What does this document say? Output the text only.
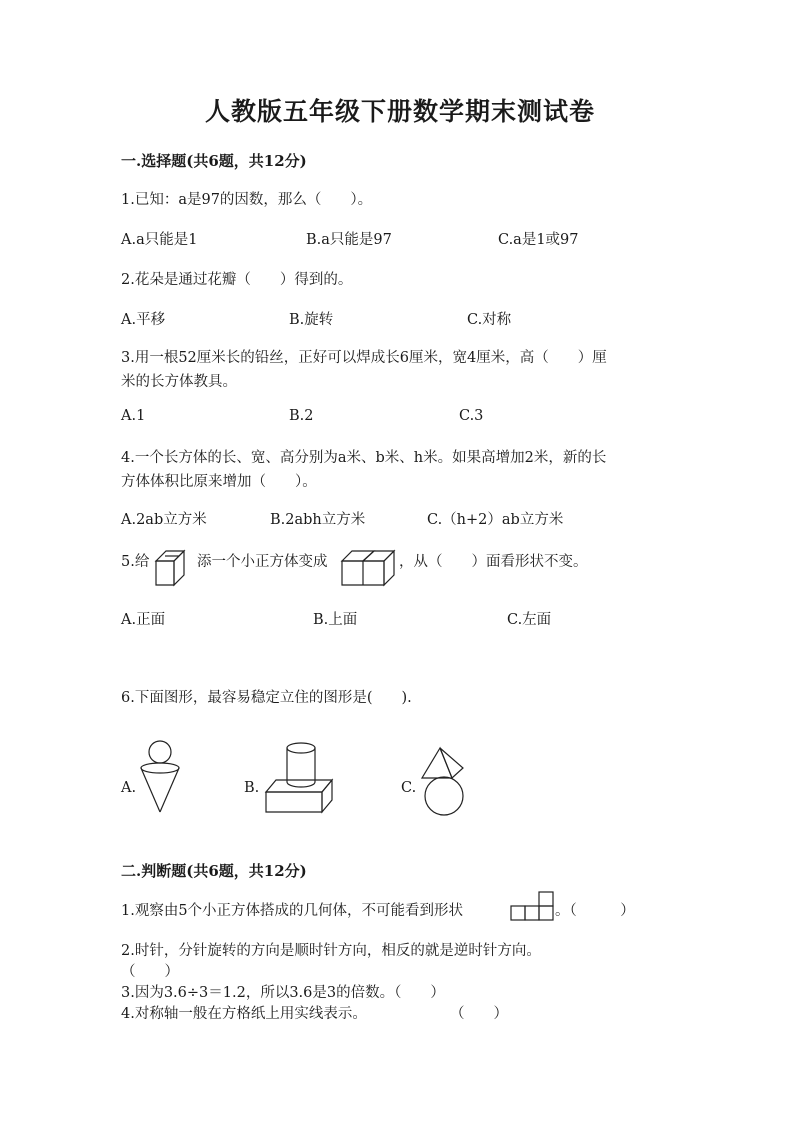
人教版五年级下册数学期末测试卷
一.选择题(共6题，共12分)
1.已知：a是97的因数，那么（　　）。
A.a只能是1	B.a只能是97	C.a是1或97
2.花朵是通过花瓣（　　）得到的。
A.平移	B.旋转	C.对称
3.用一根52厘米长的铅丝，正好可以焊成长6厘米，宽4厘米，高（　　）厘
米的长方体教具。
A.1	B.2	C.3
4.一个长方体的长、宽、高分别为a米、b米、h米。如果高增加2米，新的长
方体体积比原来增加（　　）。
A.2ab立方米	B.2abh立方米	C.（h+2）ab立方米
5.给	添一个小正方体变成	，从（　　）面看形状不变。
A.正面	B.上面	C.左面
6.下面图形，最容易稳定立住的图形是(　　).
A.	B.	C.
二.判断题(共6题，共12分)
1.观察由5个小正方体搭成的几何体，不可能看到形状	。（　　　）
2.时针，分针旋转的方向是顺时针方向，相反的就是逆时针方向。
（　　）
3.因为3.6÷3＝1.2，所以3.6是3的倍数。（　　）
4.对称轴一般在方格纸上用实线表示。	（　　）
